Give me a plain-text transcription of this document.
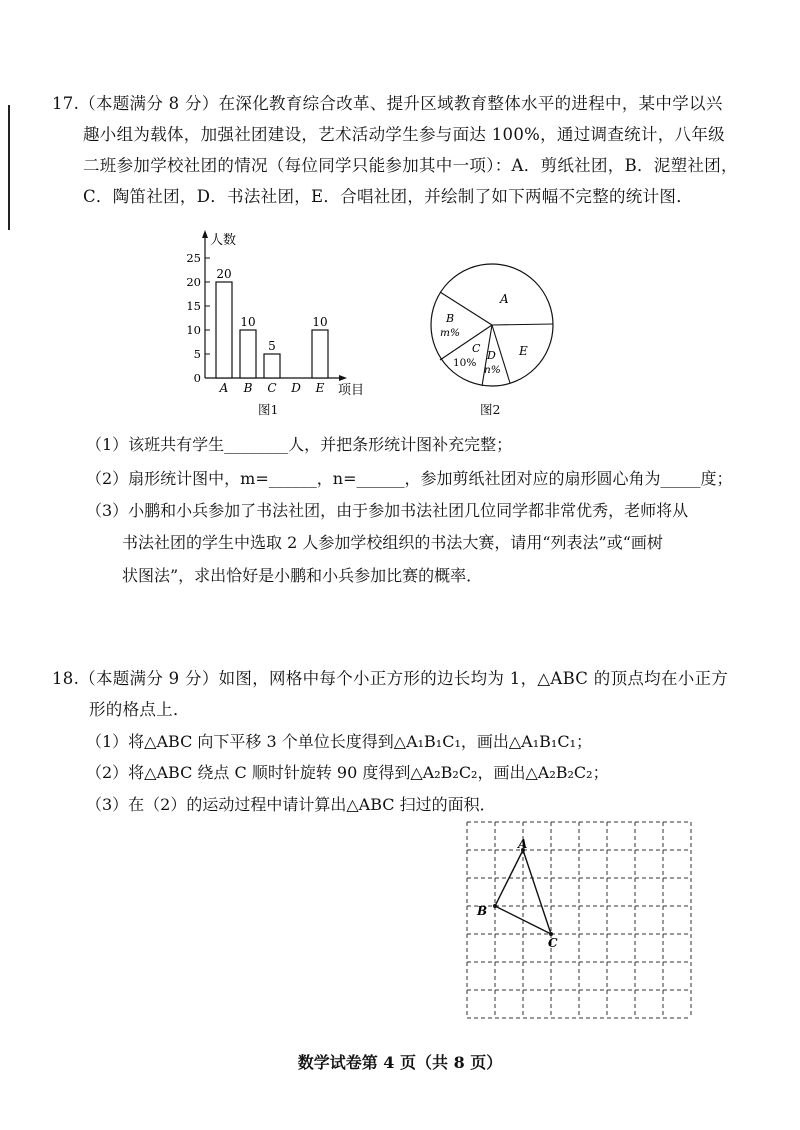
17.（本题满分 8 分）在深化教育综合改革、提升区域教育整体水平的进程中，某中学以兴
趣小组为载体，加强社团建设，艺术活动学生参与面达 100%，通过调查统计，八年级
二班参加学校社团的情况（每位同学只能参加其中一项）：A．剪纸社团，B．泥塑社团，
C．陶笛社团，D．书法社团，E．合唱社团，并绘制了如下两幅不完整的统计图．
人数
项目
0
5
10
15
20
25
20
A
10
B
5
C D
10
E
图1
A
B
m%
C
10%
D
n%
E
图2
（1）该班共有学生________人，并把条形统计图补充完整；
（2）扇形统计图中，m=______，n=______，参加剪纸社团对应的扇形圆心角为_____度；
（3）小鹏和小兵参加了书法社团，由于参加书法社团几位同学都非常优秀，老师将从
书法社团的学生中选取 2 人参加学校组织的书法大赛，请用“列表法”或“画树
状图法”，求出恰好是小鹏和小兵参加比赛的概率．
18.（本题满分 9 分）如图，网格中每个小正方形的边长均为 1，△ABC 的顶点均在小正方
形的格点上．
（1）将△ABC 向下平移 3 个单位长度得到△A₁B₁C₁，画出△A₁B₁C₁；
（2）将△ABC 绕点 C 顺时针旋转 90 度得到△A₂B₂C₂，画出△A₂B₂C₂；
（3）在（2）的运动过程中请计算出△ABC 扫过的面积．
A
B
C
数学试卷第 4 页（共 8 页）
